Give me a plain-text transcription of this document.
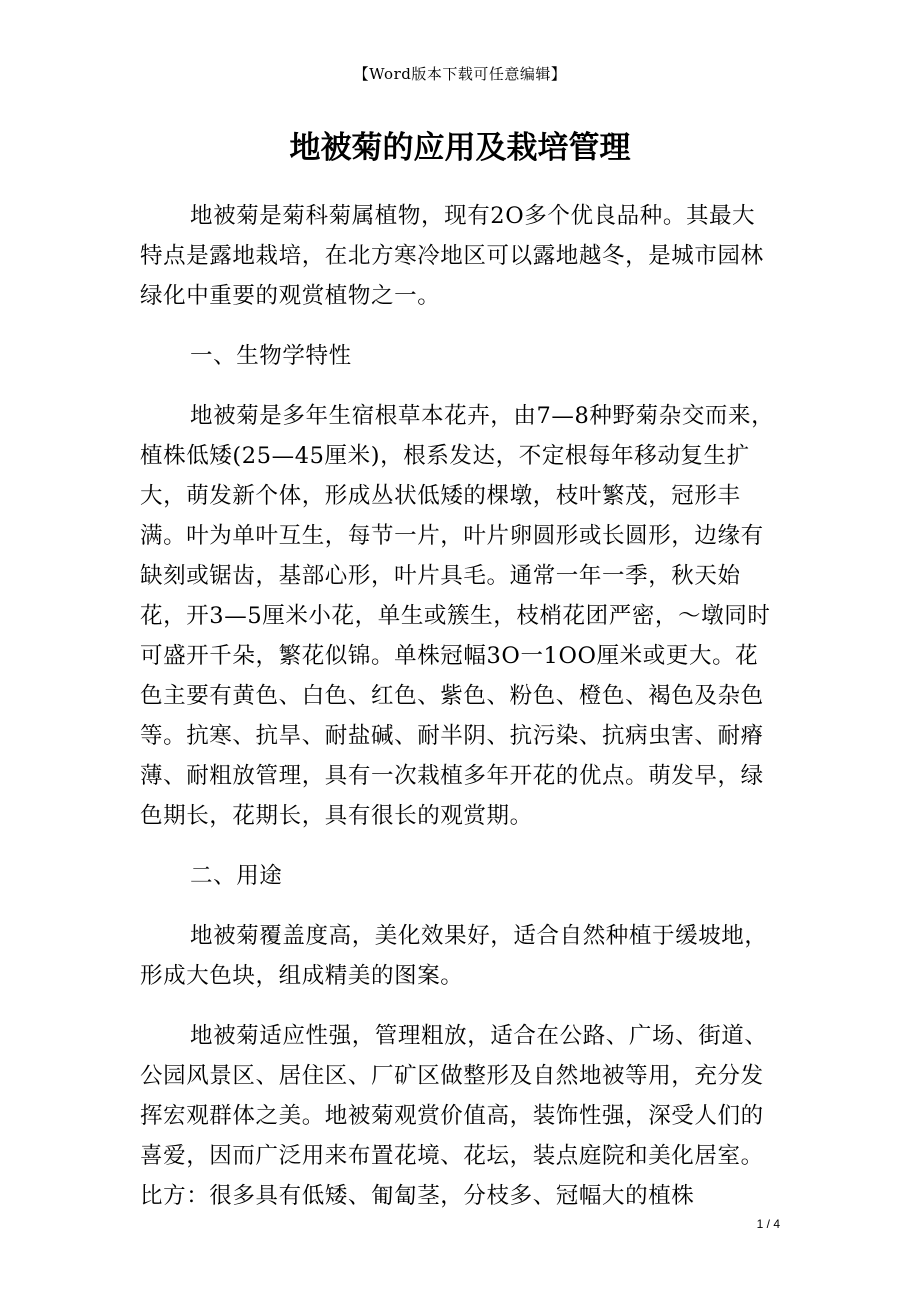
【Word版本下载可任意编辑】
地被菊的应用及栽培管理

地被菊是菊科菊属植物，现有2O多个优良品种。其最大特点是露地栽培，在北方寒冷地区可以露地越冬，是城市园林绿化中重要的观赏植物之一。

一、生物学特性

地被菊是多年生宿根草本花卉，由7—8种野菊杂交而来，植株低矮(25—45厘米)，根系发达，不定根每年移动复生扩大，萌发新个体，形成丛状低矮的棵墩，枝叶繁茂，冠形丰满。叶为单叶互生，每节一片，叶片卵圆形或长圆形，边缘有缺刻或锯齿，基部心形，叶片具毛。通常一年一季，秋天始花，开3—5厘米小花，单生或簇生，枝梢花团严密，～墩同时可盛开千朵，繁花似锦。单株冠幅3O一1OO厘米或更大。花色主要有黄色、白色、红色、紫色、粉色、橙色、褐色及杂色等。抗寒、抗旱、耐盐碱、耐半阴、抗污染、抗病虫害、耐瘠薄、耐粗放管理，具有一次栽植多年开花的优点。萌发早，绿色期长，花期长，具有很长的观赏期。

二、用途

地被菊覆盖度高，美化效果好，适合自然种植于缓坡地，形成大色块，组成精美的图案。

地被菊适应性强，管理粗放，适合在公路、广场、街道、公园风景区、居住区、厂矿区做整形及自然地被等用，充分发挥宏观群体之美。地被菊观赏价值高，装饰性强，深受人们的喜爱，因而广泛用来布置花境、花坛，装点庭院和美化居室。比方：很多具有低矮、匍匐茎，分枝多、冠幅大的植株

1 / 4
